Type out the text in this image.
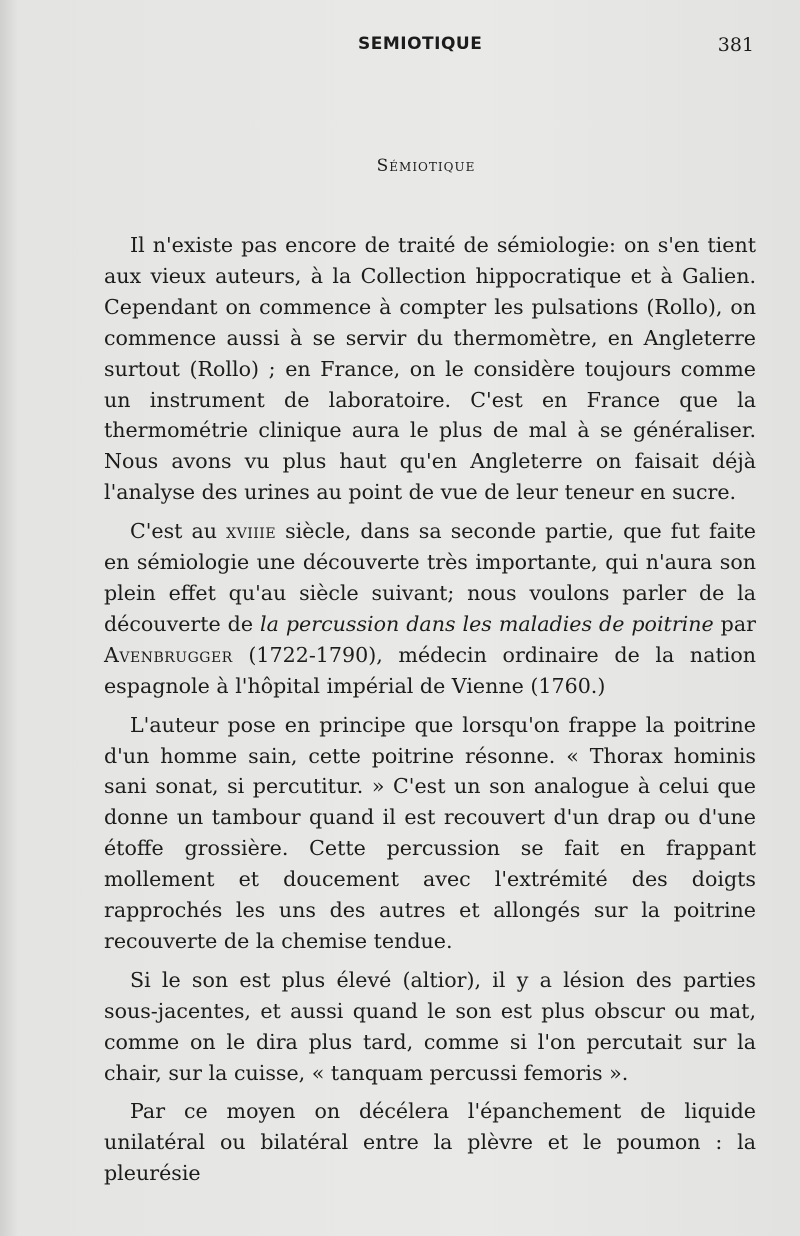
SEMIOTIQUE	381
Sémiotique

Il n'existe pas encore de traité de sémiologie: on s'en tient aux vieux auteurs, à la Collection hippocratique et à Galien. Cependant on commence à compter les pulsations (Rollo), on commence aussi à se servir du thermomètre, en Angleterre surtout (Rollo) ; en France, on le considère toujours comme un instrument de laboratoire. C'est en France que la thermométrie clinique aura le plus de mal à se généraliser. Nous avons vu plus haut qu'en Angleterre on faisait déjà l'analyse des urines au point de vue de leur teneur en sucre.

C'est au xviiie siècle, dans sa seconde partie, que fut faite en sémiologie une découverte très importante, qui n'aura son plein effet qu'au siècle suivant; nous voulons parler de la découverte de la percussion dans les maladies de poitrine par Avenbrugger (1722-1790), médecin ordinaire de la nation espagnole à l'hôpital impérial de Vienne (1760.)

L'auteur pose en principe que lorsqu'on frappe la poitrine d'un homme sain, cette poitrine résonne. « Thorax hominis sani sonat, si percutitur. » C'est un son analogue à celui que donne un tambour quand il est recouvert d'un drap ou d'une étoffe grossière. Cette percussion se fait en frappant mollement et doucement avec l'extrémité des doigts rapprochés les uns des autres et allongés sur la poitrine recouverte de la chemise tendue.

Si le son est plus élevé (altior), il y a lésion des parties sous-jacentes, et aussi quand le son est plus obscur ou mat, comme on le dira plus tard, comme si l'on percutait sur la chair, sur la cuisse, « tanquam percussi femoris ».

Par ce moyen on décélera l'épanchement de liquide unilatéral ou bilatéral entre la plèvre et le poumon : la pleurésie
